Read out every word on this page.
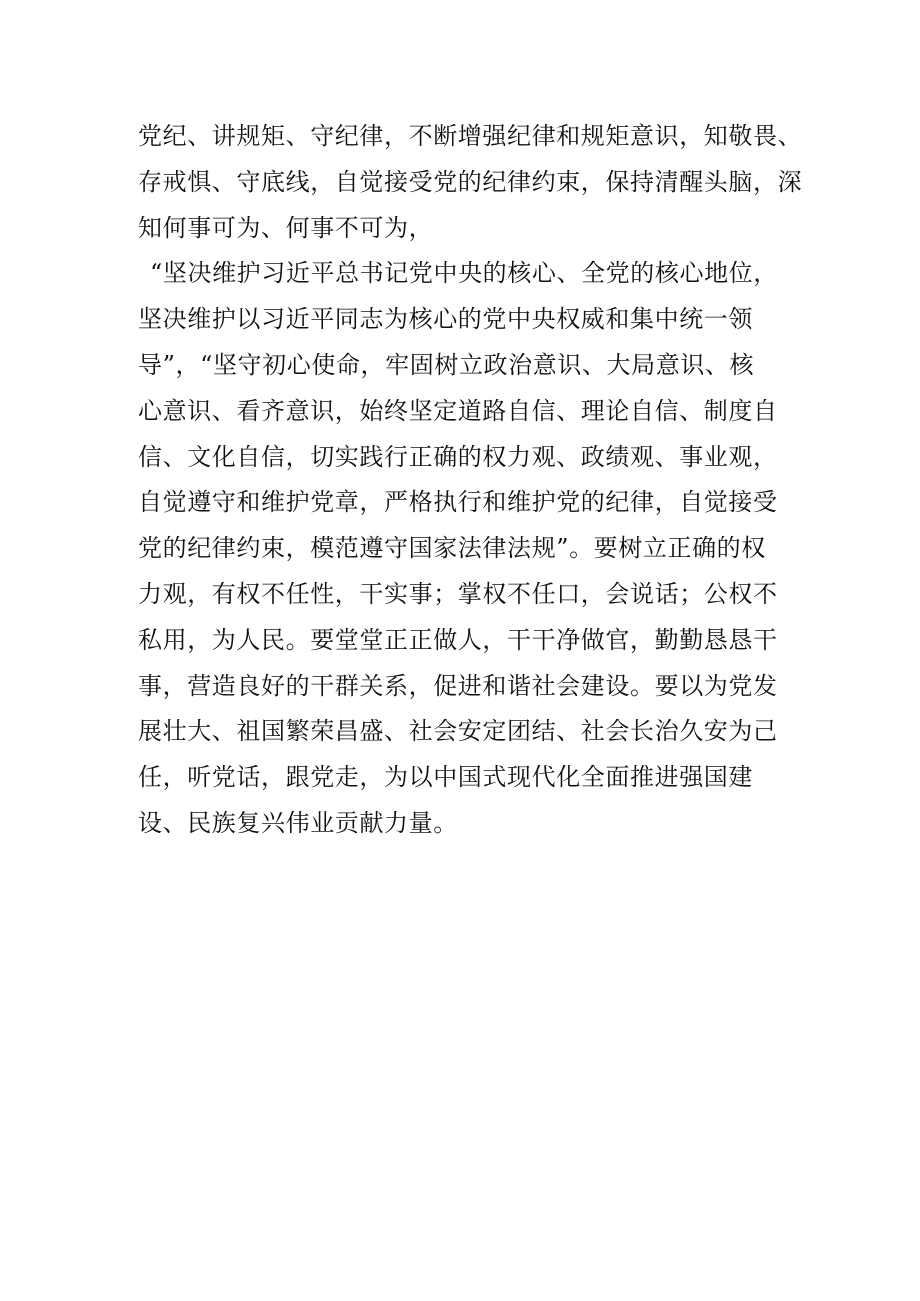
党纪、讲规矩、守纪律，不断增强纪律和规矩意识，知敬畏、
存戒惧、守底线，自觉接受党的纪律约束，保持清醒头脑，深
知何事可为、何事不可为，
“坚决维护习近平总书记党中央的核心、全党的核心地位，
坚决维护以习近平同志为核心的党中央权威和集中统一领
导”，“坚守初心使命，牢固树立政治意识、大局意识、核
心意识、看齐意识，始终坚定道路自信、理论自信、制度自
信、文化自信，切实践行正确的权力观、政绩观、事业观，
自觉遵守和维护党章，严格执行和维护党的纪律，自觉接受
党的纪律约束，模范遵守国家法律法规”。要树立正确的权
力观，有权不任性，干实事；掌权不任口，会说话；公权不
私用，为人民。要堂堂正正做人，干干净做官，勤勤恳恳干
事，营造良好的干群关系，促进和谐社会建设。要以为党发
展壮大、祖国繁荣昌盛、社会安定团结、社会长治久安为己
任，听党话，跟党走，为以中国式现代化全面推进强国建
设、民族复兴伟业贡献力量。
